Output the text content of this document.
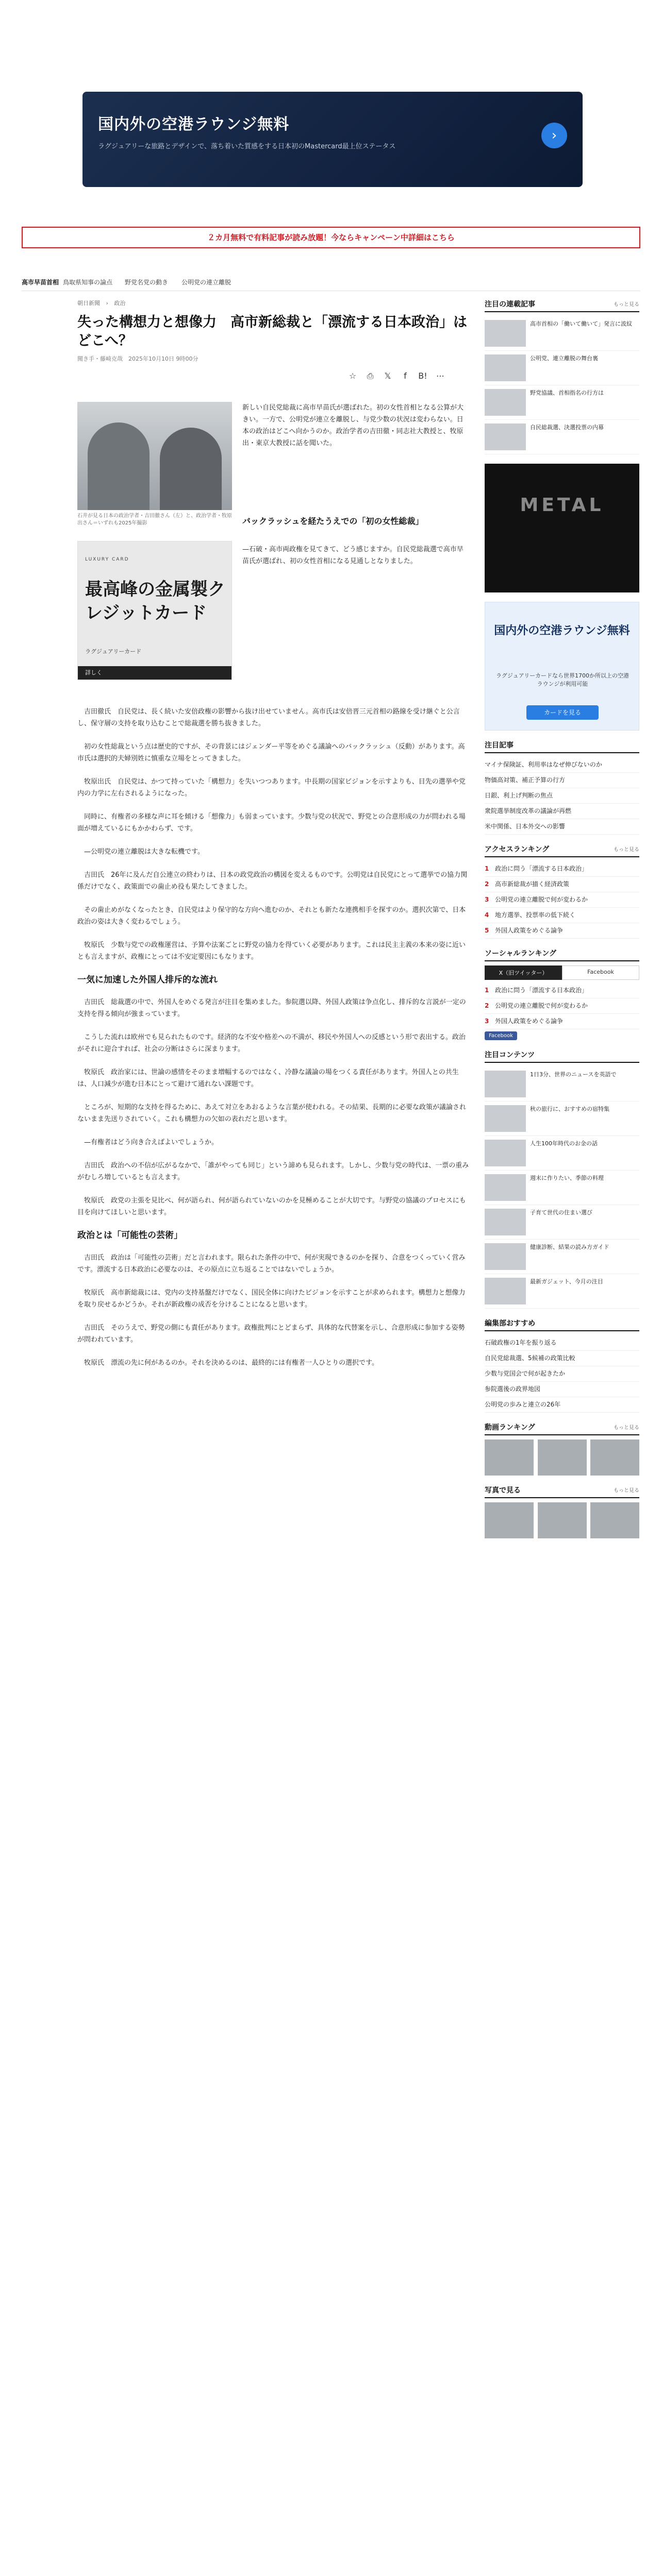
国内外の空港ラウンジ無料
ラグジュアリーな旅路とデザインで、落ち着いた質感をする日本初のMastercard最上位ステータス
›
２カ月無料で有料記事が読み放題！今ならキャンペーン中詳細はこちら
高市早苗首相 鳥取県知事の論点 野党名党の動き 公明党の連立離脱
朝日新聞 › 政治
失った構想力と想像力　高市新総裁と「漂流する日本政治」はどこへ？
聞き手・藤崎克哉　2025年10月10日 9時00分
☆	⎙	𝕏	f	B!	⋯
石井が見る日本の政治学者・吉田徹さん（左）と、政治学者・牧原出さん＝いずれも2025年撮影
新しい自民党総裁に高市早苗氏が選ばれた。初の女性首相となる公算が大きい。一方で、公明党が連立を離脱し、与党少数の状況は変わらない。日本の政治はどこへ向かうのか。政治学者の吉田徹・同志社大教授と、牧原出・東京大教授に話を聞いた。
バックラッシュを経たうえでの「初の女性総裁」
LUXURY CARD
最高峰の金属製クレジットカード
ラグジュアリーカード
詳しく
—石破・高市両政権を見てきて、どう感じますか。自民党総裁選で高市早苗氏が選ばれ、初の女性首相になる見通しとなりました。

吉田徹氏　自民党は、長く続いた安倍政権の影響から抜け出せていません。高市氏は安倍晋三元首相の路線を受け継ぐと公言し、保守層の支持を取り込むことで総裁選を勝ち抜きました。

初の女性総裁という点は歴史的ですが、その背景にはジェンダー平等をめぐる議論へのバックラッシュ（反動）があります。高市氏は選択的夫婦別姓に慎重な立場をとってきました。

牧原出氏　自民党は、かつて持っていた「構想力」を失いつつあります。中長期の国家ビジョンを示すよりも、目先の選挙や党内の力学に左右されるようになった。

同時に、有権者の多様な声に耳を傾ける「想像力」も弱まっています。少数与党の状況で、野党との合意形成の力が問われる場面が増えているにもかかわらず、です。

—公明党の連立離脱は大きな転機です。

吉田氏　26年に及んだ自公連立の終わりは、日本の政党政治の構図を変えるものです。公明党は自民党にとって選挙での協力関係だけでなく、政策面での歯止め役も果たしてきました。

その歯止めがなくなったとき、自民党はより保守的な方向へ進むのか、それとも新たな連携相手を探すのか。選択次第で、日本政治の姿は大きく変わるでしょう。

牧原氏　少数与党での政権運営は、予算や法案ごとに野党の協力を得ていく必要があります。これは民主主義の本来の姿に近いとも言えますが、政権にとっては不安定要因にもなります。

一気に加速した外国人排斥的な流れ

吉田氏　総裁選の中で、外国人をめぐる発言が注目を集めました。参院選以降、外国人政策は争点化し、排斥的な言説が一定の支持を得る傾向が強まっています。

こうした流れは欧州でも見られたものです。経済的な不安や格差への不満が、移民や外国人への反感という形で表出する。政治がそれに迎合すれば、社会の分断はさらに深まります。

牧原氏　政治家には、世論の感情をそのまま増幅するのではなく、冷静な議論の場をつくる責任があります。外国人との共生は、人口減少が進む日本にとって避けて通れない課題です。

ところが、短期的な支持を得るために、あえて対立をあおるような言葉が使われる。その結果、長期的に必要な政策が議論されないまま先送りされていく。これも構想力の欠如の表れだと思います。

—有権者はどう向き合えばよいでしょうか。

吉田氏　政治への不信が広がるなかで、「誰がやっても同じ」という諦めも見られます。しかし、少数与党の時代は、一票の重みがむしろ増しているとも言えます。

牧原氏　政党の主張を見比べ、何が語られ、何が語られていないのかを見極めることが大切です。与野党の協議のプロセスにも目を向けてほしいと思います。

政治とは「可能性の芸術」

吉田氏　政治は「可能性の芸術」だと言われます。限られた条件の中で、何が実現できるのかを探り、合意をつくっていく営みです。漂流する日本政治に必要なのは、その原点に立ち返ることではないでしょうか。

牧原氏　高市新総裁には、党内の支持基盤だけでなく、国民全体に向けたビジョンを示すことが求められます。構想力と想像力を取り戻せるかどうか。それが新政権の成否を分けることになると思います。

吉田氏　そのうえで、野党の側にも責任があります。政権批判にとどまらず、具体的な代替案を示し、合意形成に参加する姿勢が問われています。

牧原氏　漂流の先に何があるのか。それを決めるのは、最終的には有権者一人ひとりの選択です。

注目の連載記事	もっと見る
高市首相の「働いて働いて」発言に波紋
公明党、連立離脱の舞台裏
野党協議、首相指名の行方は
自民総裁選、決選投票の内幕
METAL
国内外の空港ラウンジ無料
ラグジュアリーカードなら世界1700か所以上の空港ラウンジが利用可能
カードを見る
注目記事
マイナ保険証、利用率はなぜ伸びないのか
物価高対策、補正予算の行方
日銀、利上げ判断の焦点
衆院選挙制度改革の議論が再燃
米中関係、日本外交への影響
アクセスランキング	もっと見る
1 政治に問う「漂流する日本政治」
2 高市新総裁が描く経済政策
3 公明党の連立離脱で何が変わるか
4 地方選挙、投票率の低下続く
5 外国人政策をめぐる論争
ソーシャルランキング
X（旧ツイッター）	Facebook
1 政治に問う「漂流する日本政治」
2 公明党の連立離脱で何が変わるか
3 外国人政策をめぐる論争
Facebook
注目コンテンツ
1日3分、世界のニュースを英語で
秋の旅行に、おすすめの宿特集
人生100年時代のお金の話
週末に作りたい、季節の料理
子育て世代の住まい選び
健康診断、結果の読み方ガイド
最新ガジェット、今月の注目
編集部おすすめ
石破政権の1年を振り返る
自民党総裁選、5候補の政策比較
少数与党国会で何が起きたか
参院選後の政界地図
公明党の歩みと連立の26年
動画ランキング	もっと見る
写真で見る	もっと見る
